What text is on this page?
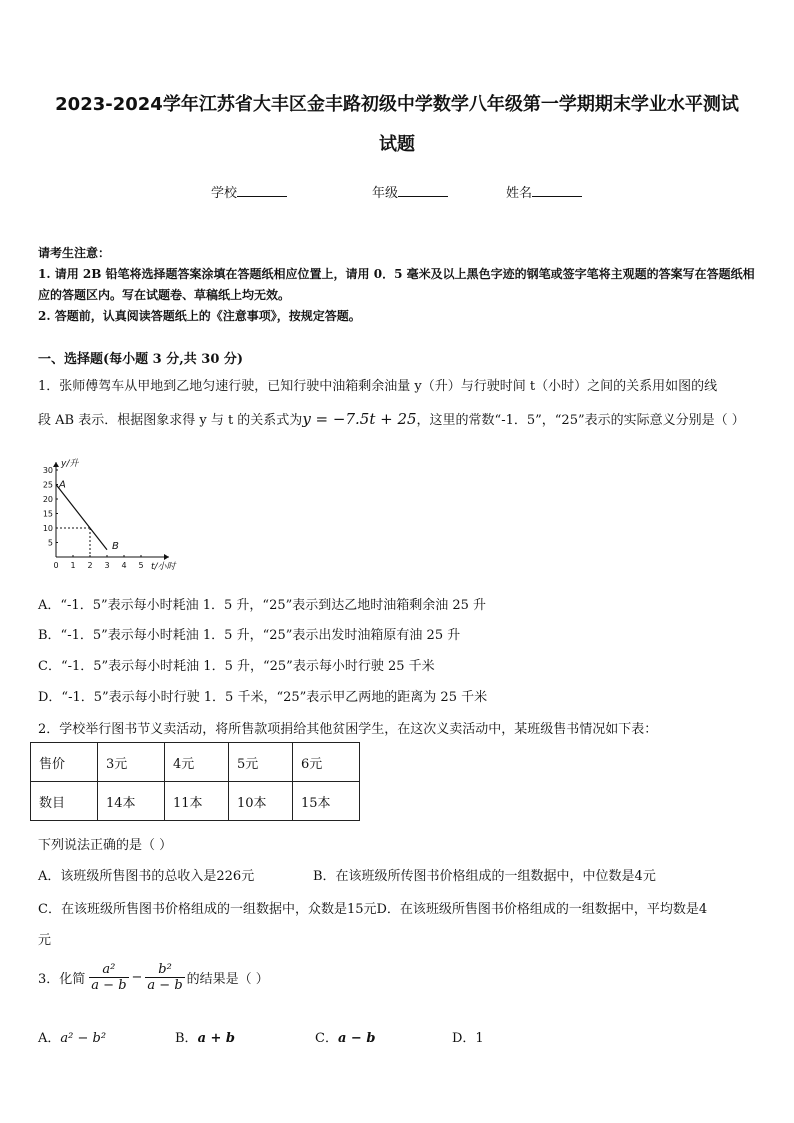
2023-2024学年江苏省大丰区金丰路初级中学数学八年级第一学期期末学业水平测试
试题
学校	年级	姓名
请考生注意：
1. 请用 2B 铅笔将选择题答案涂填在答题纸相应位置上，请用 0．5 毫米及以上黑色字迹的钢笔或签字笔将主观题的答案写在答题纸相应的答题区内。写在试题卷、草稿纸上均无效。
2. 答题前，认真阅读答题纸上的《注意事项》，按规定答题。
一、选择题(每小题 3 分,共 30 分)
1．张师傅驾车从甲地到乙地匀速行驶，已知行驶中油箱剩余油量 y（升）与行驶时间 t（小时）之间的关系用如图的线
段 AB 表示．根据图象求得 y 与 t 的关系式为y = −7.5t + 25，这里的常数“-1．5”，“25”表示的实际意义分别是（ ）
0 1 2 3 4 5
5
10
15
20
25
30
y/升
t/小时
A
B
A．“-1．5”表示每小时耗油 1．5 升，“25”表示到达乙地时油箱剩余油 25 升
B．“-1．5”表示每小时耗油 1．5 升，“25”表示出发时油箱原有油 25 升
C．“-1．5”表示每小时耗油 1．5 升，“25”表示每小时行驶 25 千米
D．“-1．5”表示每小时行驶 1．5 千米，“25”表示甲乙两地的距离为 25 千米
2．学校举行图书节义卖活动，将所售款项捐给其他贫困学生，在这次义卖活动中，某班级售书情况如下表：
售价	3元	4元	5元	6元
数目	14本	11本	10本	15本
下列说法正确的是（ ）
A．该班级所售图书的总收入是226元	B．在该班级所传图书价格组成的一组数据中，中位数是4元
C．在该班级所售图书价格组成的一组数据中，众数是15元D．在该班级所售图书价格组成的一组数据中，平均数是4
元
3．化简 $\frac{\text{a²}}{a - b} - \frac{\text{b²}}{a - b}$ 的结果是（ ）
A．a² − b²	B．a + b	C．a − b	D．1
